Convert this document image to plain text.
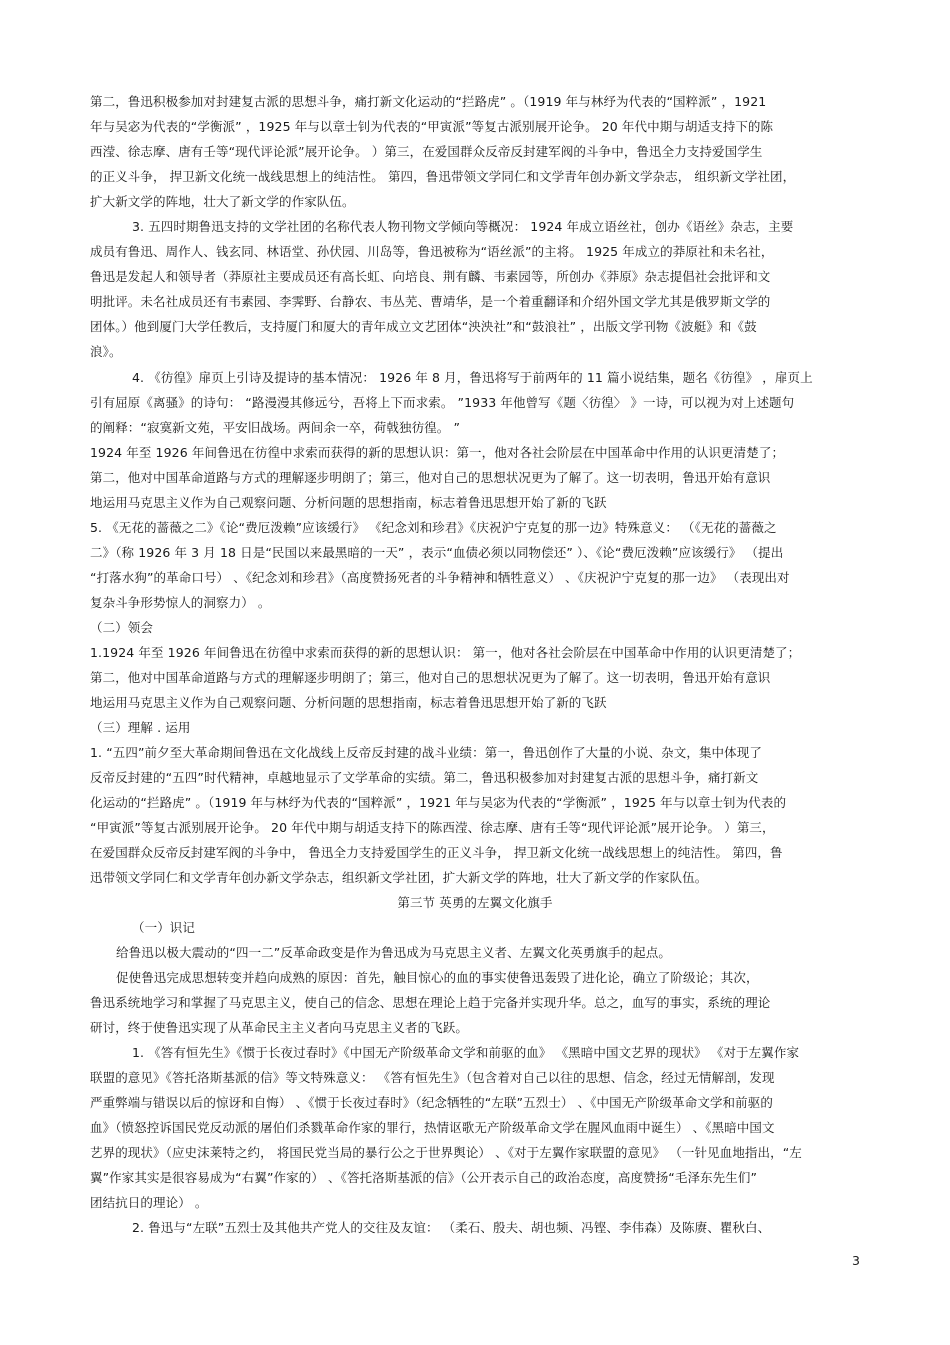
第二，鲁迅积极参加对封建复古派的思想斗争，痛打新文化运动的“拦路虎” 。（1919 年与林纾为代表的“国粹派” ，1921
年与吴宓为代表的“学衡派” ，1925 年与以章士钊为代表的“甲寅派”等复古派别展开论争。 20 年代中期与胡适支持下的陈
西滢、徐志摩、唐有壬等“现代评论派”展开论争。 ）第三，在爱国群众反帝反封建军阀的斗争中，鲁迅全力支持爱国学生
的正义斗争， 捍卫新文化统一战线思想上的纯洁性。 第四，鲁迅带领文学同仁和文学青年创办新文学杂志， 组织新文学社团，
扩大新文学的阵地，壮大了新文学的作家队伍。
3. 五四时期鲁迅支持的文学社团的名称代表人物刊物文学倾向等概况： 1924 年成立语丝社，创办《语丝》杂志，主要
成员有鲁迅、周作人、钱玄同、林语堂、孙伏园、川岛等，鲁迅被称为“语丝派”的主将。 1925 年成立的莽原社和未名社，
鲁迅是发起人和领导者（莽原社主要成员还有高长虹、向培良、荆有麟、韦素园等，所创办《莽原》杂志提倡社会批评和文
明批评。未名社成员还有韦素园、李霁野、台静农、韦丛芜、曹靖华，是一个着重翻译和介绍外国文学尤其是俄罗斯文学的
团体。）他到厦门大学任教后，支持厦门和厦大的青年成立文艺团体“泱泱社”和“鼓浪社” ，出版文学刊物《波艇》和《鼓
浪》。
4. 《彷徨》扉页上引诗及提诗的基本情况： 1926 年 8 月，鲁迅将写于前两年的 11 篇小说结集，题名《彷徨》 ，扉页上
引有屈原《离骚》的诗句： “路漫漫其修远兮，吾将上下而求索。 ”1933 年他曾写《题〈彷徨〉 》一诗，可以视为对上述题句
的阐释：“寂寞新文苑，平安旧战场。两间余一卒，荷戟独彷徨。 ”
1924 年至 1926 年间鲁迅在彷徨中求索而获得的新的思想认识：第一，他对各社会阶层在中国革命中作用的认识更清楚了；
第二，他对中国革命道路与方式的理解逐步明朗了；第三，他对自己的思想状况更为了解了。这一切表明，鲁迅开始有意识
地运用马克思主义作为自己观察问题、分析问题的思想指南，标志着鲁迅思想开始了新的飞跃
5. 《无花的蔷薇之二》《论“费厄泼赖”应该缓行》 《纪念刘和珍君》《庆祝沪宁克复的那一边》特殊意义： （《无花的蔷薇之
二》（称 1926 年 3 月 18 日是“民国以来最黑暗的一天” ，表示“血债必须以同物偿还” ）、《论“费厄泼赖”应该缓行》 （提出
“打落水狗”的革命口号） 、《纪念刘和珍君》（高度赞扬死者的斗争精神和牺牲意义） 、《庆祝沪宁克复的那一边》 （表现出对
复杂斗争形势惊人的洞察力） 。
（二）领会
1.1924 年至 1926 年间鲁迅在彷徨中求索而获得的新的思想认识： 第一，他对各社会阶层在中国革命中作用的认识更清楚了；
第二，他对中国革命道路与方式的理解逐步明朗了；第三，他对自己的思想状况更为了解了。这一切表明，鲁迅开始有意识
地运用马克思主义作为自己观察问题、分析问题的思想指南，标志着鲁迅思想开始了新的飞跃
（三）理解 . 运用
1. “五四”前夕至大革命期间鲁迅在文化战线上反帝反封建的战斗业绩：第一，鲁迅创作了大量的小说、杂文，集中体现了
反帝反封建的“五四”时代精神，卓越地显示了文学革命的实绩。第二，鲁迅积极参加对封建复古派的思想斗争，痛打新文
化运动的“拦路虎” 。（1919 年与林纾为代表的“国粹派” ，1921 年与吴宓为代表的“学衡派” ，1925 年与以章士钊为代表的
“甲寅派”等复古派别展开论争。 20 年代中期与胡适支持下的陈西滢、徐志摩、唐有壬等“现代评论派”展开论争。 ）第三，
在爱国群众反帝反封建军阀的斗争中， 鲁迅全力支持爱国学生的正义斗争， 捍卫新文化统一战线思想上的纯洁性。 第四，鲁
迅带领文学同仁和文学青年创办新文学杂志，组织新文学社团，扩大新文学的阵地，壮大了新文学的作家队伍。
第三节 英勇的左翼文化旗手
（一）识记
给鲁迅以极大震动的“四一二”反革命政变是作为鲁迅成为马克思主义者、左翼文化英勇旗手的起点。
促使鲁迅完成思想转变并趋向成熟的原因：首先，触目惊心的血的事实使鲁迅轰毁了进化论，确立了阶级论；其次，
鲁迅系统地学习和掌握了马克思主义，使自己的信念、思想在理论上趋于完备并实现升华。总之，血写的事实，系统的理论
研讨，终于使鲁迅实现了从革命民主主义者向马克思主义者的飞跃。
1. 《答有恒先生》《惯于长夜过春时》《中国无产阶级革命文学和前驱的血》 《黑暗中国文艺界的现状》 《对于左翼作家
联盟的意见》《答托洛斯基派的信》等文特殊意义： 《答有恒先生》（包含着对自己以往的思想、信念，经过无情解剖，发现
严重弊端与错误以后的惊讶和自悔） 、《惯于长夜过春时》（纪念牺牲的“左联”五烈士） 、《中国无产阶级革命文学和前驱的
血》（愤怒控诉国民党反动派的屠伯们杀戮革命作家的罪行，热情讴歌无产阶级革命文学在腥风血雨中诞生） 、《黑暗中国文
艺界的现状》（应史沫莱特之约， 将国民党当局的暴行公之于世界舆论） 、《对于左翼作家联盟的意见》 （一针见血地指出，“左
翼”作家其实是很容易成为“右翼”作家的） 、《答托洛斯基派的信》（公开表示自己的政治态度，高度赞扬“毛泽东先生们”
团结抗日的理论） 。
2. 鲁迅与“左联”五烈士及其他共产党人的交往及友谊： （柔石、殷夫、胡也频、冯铿、李伟森）及陈赓、瞿秋白、
3
